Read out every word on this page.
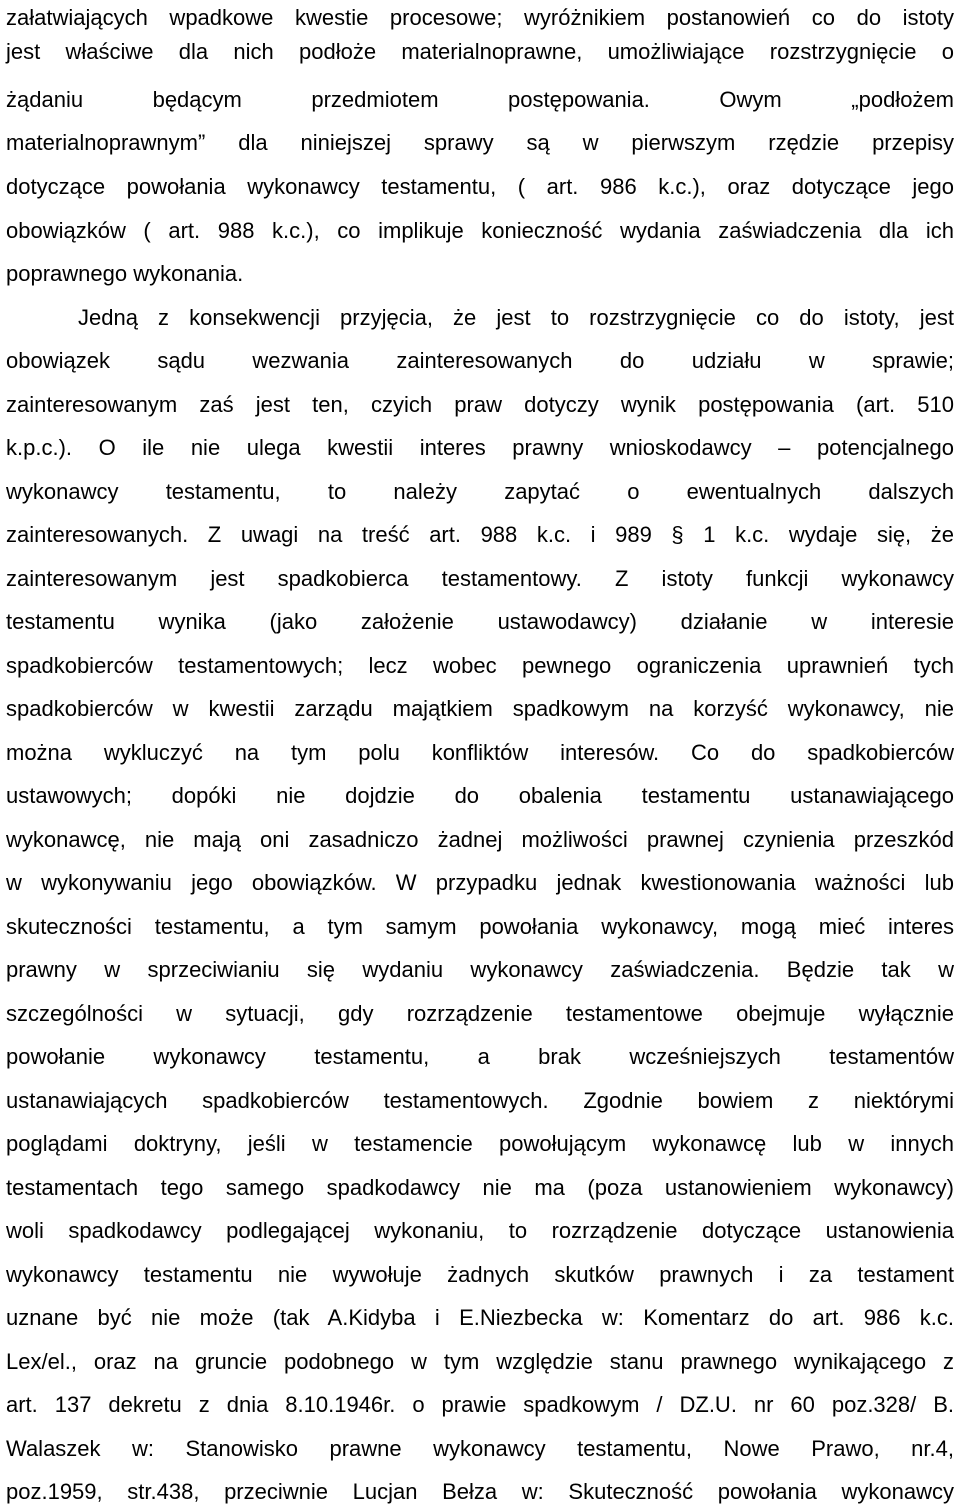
załatwiających wpadkowe kwestie procesowe; wyróżnikiem postanowień co do istoty
jest właściwe dla nich podłoże materialnoprawne, umożliwiające rozstrzygnięcie o
żądaniu będącym przedmiotem postępowania. Owym „podłożem
materialnoprawnym” dla niniejszej sprawy są w pierwszym rzędzie przepisy
dotyczące powołania wykonawcy testamentu, ( art. 986 k.c.), oraz dotyczące jego
obowiązków ( art. 988 k.c.), co implikuje konieczność wydania zaświadczenia dla ich
poprawnego wykonania.
Jedną z konsekwencji przyjęcia, że jest to rozstrzygnięcie co do istoty, jest
obowiązek sądu wezwania zainteresowanych do udziału w sprawie;
zainteresowanym zaś jest ten, czyich praw dotyczy wynik postępowania (art. 510
k.p.c.). O ile nie ulega kwestii interes prawny wnioskodawcy – potencjalnego
wykonawcy testamentu, to należy zapytać o ewentualnych dalszych
zainteresowanych. Z uwagi na treść art. 988 k.c. i 989 § 1 k.c. wydaje się, że
zainteresowanym jest spadkobierca testamentowy. Z istoty funkcji wykonawcy
testamentu wynika (jako założenie ustawodawcy) działanie w interesie
spadkobierców testamentowych; lecz wobec pewnego ograniczenia uprawnień tych
spadkobierców w kwestii zarządu majątkiem spadkowym na korzyść wykonawcy, nie
można wykluczyć na tym polu konfliktów interesów. Co do spadkobierców
ustawowych; dopóki nie dojdzie do obalenia testamentu ustanawiającego
wykonawcę, nie mają oni zasadniczo żadnej możliwości prawnej czynienia przeszkód
w wykonywaniu jego obowiązków. W przypadku jednak kwestionowania ważności lub
skuteczności testamentu, a tym samym powołania wykonawcy, mogą mieć interes
prawny w sprzeciwianiu się wydaniu wykonawcy zaświadczenia. Będzie tak w
szczególności w sytuacji, gdy rozrządzenie testamentowe obejmuje wyłącznie
powołanie wykonawcy testamentu, a brak wcześniejszych testamentów
ustanawiających spadkobierców testamentowych. Zgodnie bowiem z niektórymi
poglądami doktryny, jeśli w testamencie powołującym wykonawcę lub w innych
testamentach tego samego spadkodawcy nie ma (poza ustanowieniem wykonawcy)
woli spadkodawcy podlegającej wykonaniu, to rozrządzenie dotyczące ustanowienia
wykonawcy testamentu nie wywołuje żadnych skutków prawnych i za testament
uznane być nie może (tak A.Kidyba i E.Niezbecka w: Komentarz do art. 986 k.c.
Lex/el., oraz na gruncie podobnego w tym względzie stanu prawnego wynikającego z
art. 137 dekretu z dnia 8.10.1946r. o prawie spadkowym / DZ.U. nr 60 poz.328/ B.
Walaszek w: Stanowisko prawne wykonawcy testamentu, Nowe Prawo, nr.4,
poz.1959, str.438, przeciwnie Lucjan Bełza w: Skuteczność powołania wykonawcy
